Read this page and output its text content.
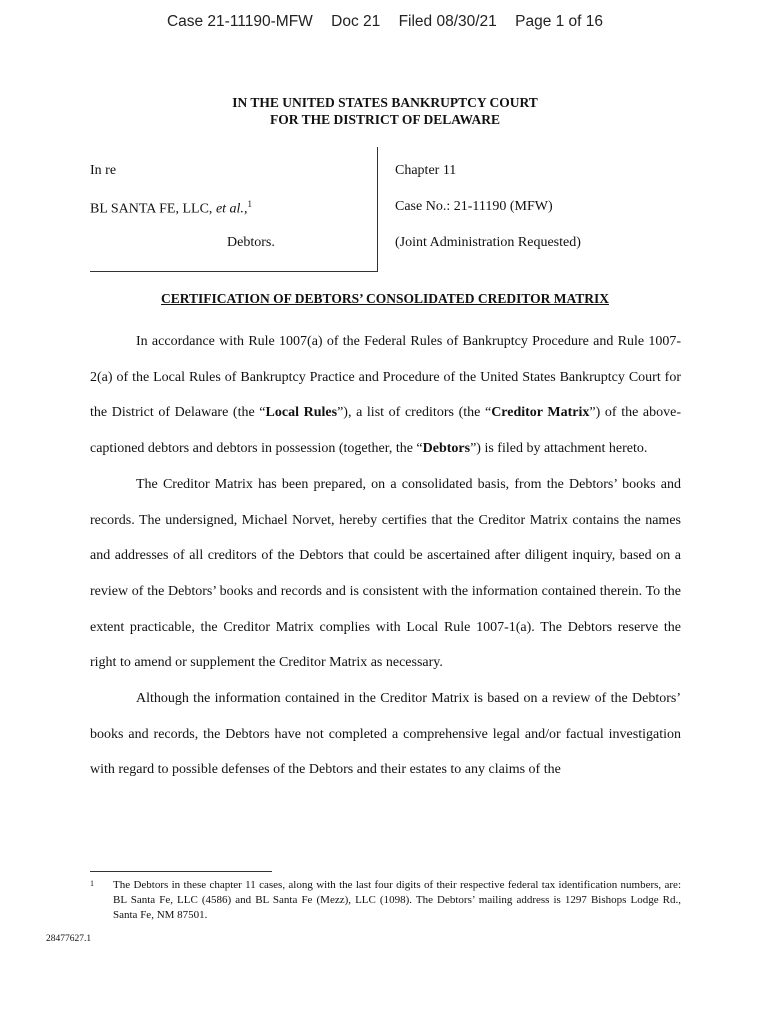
Case 21-11190-MFW Doc 21 Filed 08/30/21 Page 1 of 16
IN THE UNITED STATES BANKRUPTCY COURT
FOR THE DISTRICT OF DELAWARE
In re
BL SANTA FE, LLC, et al.,$^1$
Debtors.
Chapter 11
Case No.: 21-11190 (MFW)
(Joint Administration Requested)
CERTIFICATION OF DEBTORS’ CONSOLIDATED CREDITOR MATRIX

In accordance with Rule 1007(a) of the Federal Rules of Bankruptcy Procedure and Rule 1007-2(a) of the Local Rules of Bankruptcy Practice and Procedure of the United States Bankruptcy Court for the District of Delaware (the “Local Rules”), a list of creditors (the “Creditor Matrix”) of the above-captioned debtors and debtors in possession (together, the “Debtors”) is filed by attachment hereto.

The Creditor Matrix has been prepared, on a consolidated basis, from the Debtors’ books and records. The undersigned, Michael Norvet, hereby certifies that the Creditor Matrix contains the names and addresses of all creditors of the Debtors that could be ascertained after diligent inquiry, based on a review of the Debtors’ books and records and is consistent with the information contained therein. To the extent practicable, the Creditor Matrix complies with Local Rule 1007-1(a). The Debtors reserve the right to amend or supplement the Creditor Matrix as necessary.

Although the information contained in the Creditor Matrix is based on a review of the Debtors’ books and records, the Debtors have not completed a comprehensive legal and/or factual investigation with regard to possible defenses of the Debtors and their estates to any claims of the

1 The Debtors in these chapter 11 cases, along with the last four digits of their respective federal tax identification numbers, are: BL Santa Fe, LLC (4586) and BL Santa Fe (Mezz), LLC (1098). The Debtors’ mailing address is 1297 Bishops Lodge Rd., Santa Fe, NM 87501.
28477627.1
